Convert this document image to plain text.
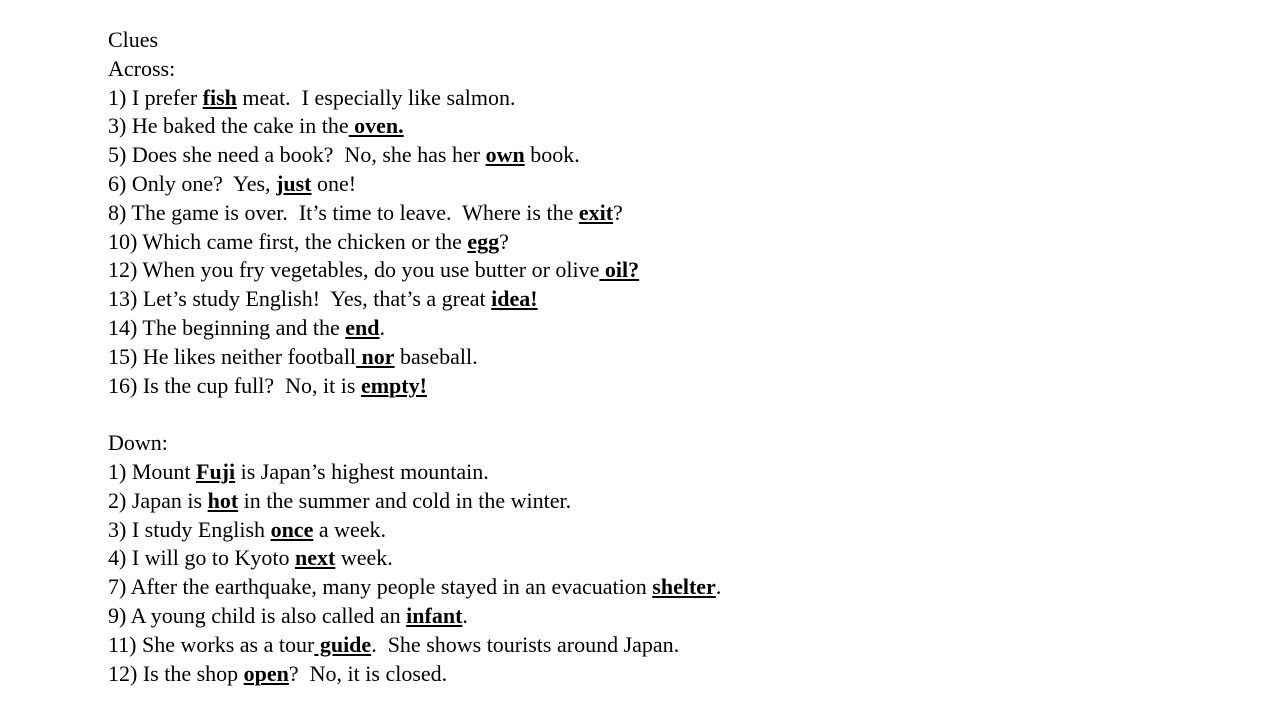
Clues
Across:
1) I prefer fish meat.  I especially like salmon.
3) He baked the cake in the oven.
5) Does she need a book?  No, she has her own book.
6) Only one?  Yes, just one!
8) The game is over.  It’s time to leave.  Where is the exit?
10) Which came first, the chicken or the egg?
12) When you fry vegetables, do you use butter or olive oil?
13) Let’s study English!  Yes, that’s a great idea!
14) The beginning and the end.
15) He likes neither football nor baseball.
16) Is the cup full?  No, it is empty!
Down:
1) Mount Fuji is Japan’s highest mountain.
2) Japan is hot in the summer and cold in the winter.
3) I study English once a week.
4) I will go to Kyoto next week.
7) After the earthquake, many people stayed in an evacuation shelter.
9) A young child is also called an infant.
11) She works as a tour guide.  She shows tourists around Japan.
12) Is the shop open?  No, it is closed.
